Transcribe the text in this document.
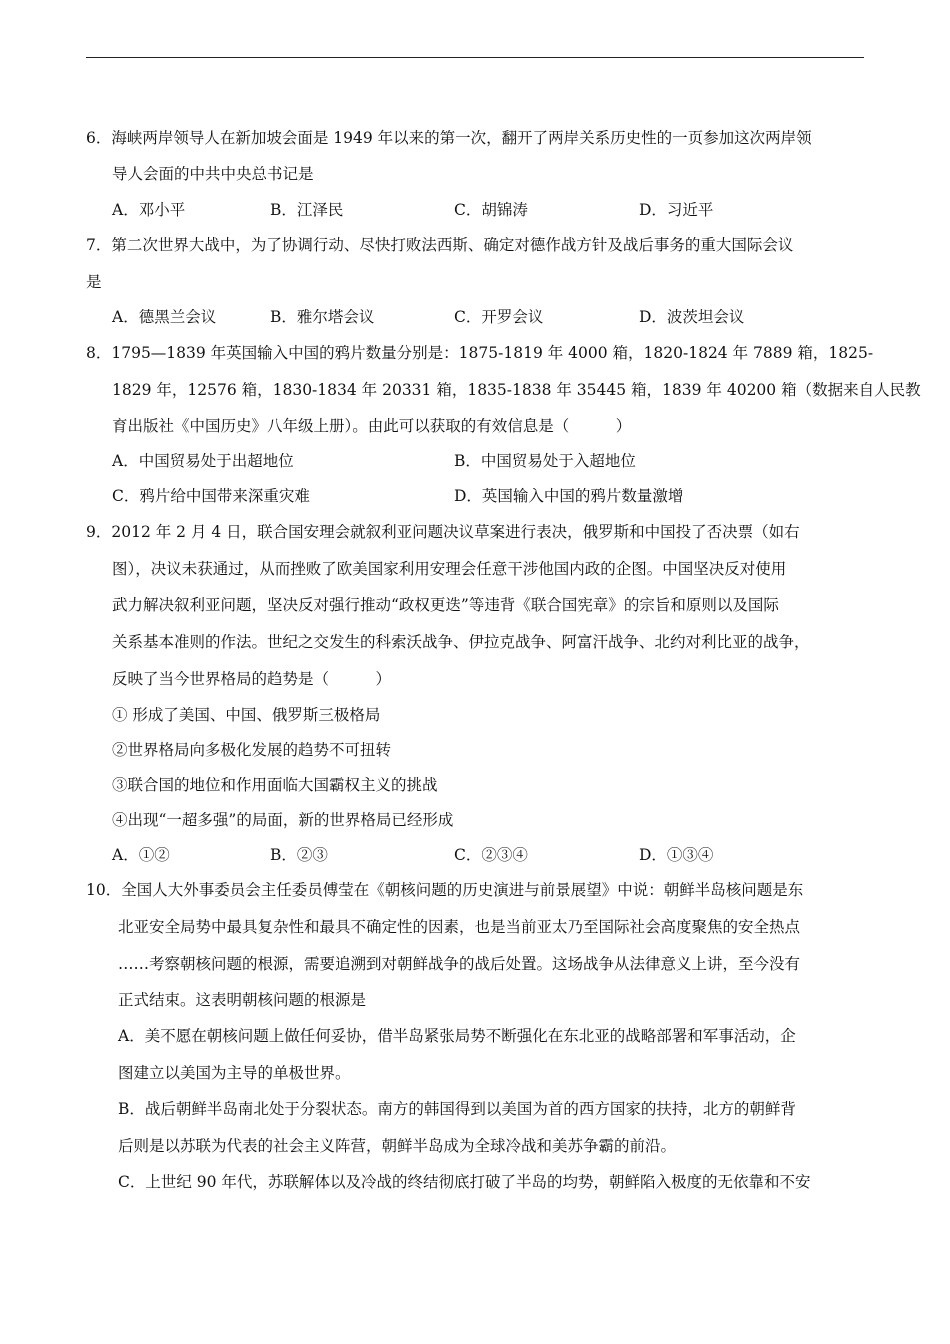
6．海峡两岸领导人在新加坡会面是 1949 年以来的第一次，翻开了两岸关系历史性的一页参加这次两岸领
导人会面的中共中央总书记是
A．邓小平	B．江泽民	C．胡锦涛	D．习近平
7．第二次世界大战中，为了协调行动、尽快打败法西斯、确定对德作战方针及战后事务的重大国际会议
是
A．德黑兰会议	B．雅尔塔会议	C．开罗会议	D．波茨坦会议
8．1795—1839 年英国输入中国的鸦片数量分别是：1875-1819 年 4000 箱，1820-1824 年 7889 箱，1825-
1829 年，12576 箱，1830-1834 年 20331 箱，1835-1838 年 35445 箱，1839 年 40200 箱（数据来自人民教
育出版社《中国历史》八年级上册）。由此可以获取的有效信息是（　　　）
A．中国贸易处于出超地位	B．中国贸易处于入超地位
C．鸦片给中国带来深重灾难	D．英国输入中国的鸦片数量激增
9．2012 年 2 月 4 日，联合国安理会就叙利亚问题决议草案进行表决，俄罗斯和中国投了否决票（如右
图），决议未获通过，从而挫败了欧美国家利用安理会任意干涉他国内政的企图。中国坚决反对使用
武力解决叙利亚问题，坚决反对强行推动“政权更迭”等违背《联合国宪章》的宗旨和原则以及国际
关系基本准则的作法。世纪之交发生的科索沃战争、伊拉克战争、阿富汗战争、北约对利比亚的战争，
反映了当今世界格局的趋势是（　　　）
① 形成了美国、中国、俄罗斯三极格局
②世界格局向多极化发展的趋势不可扭转
③联合国的地位和作用面临大国霸权主义的挑战
④出现“一超多强”的局面，新的世界格局已经形成
A．①②	B．②③	C．②③④	D．①③④
10．全国人大外事委员会主任委员傅莹在《朝核问题的历史演进与前景展望》中说：朝鲜半岛核问题是东
北亚安全局势中最具复杂性和最具不确定性的因素，也是当前亚太乃至国际社会高度聚焦的安全热点
……考察朝核问题的根源，需要追溯到对朝鲜战争的战后处置。这场战争从法律意义上讲，至今没有
正式结束。这表明朝核问题的根源是
A．美不愿在朝核问题上做任何妥协，借半岛紧张局势不断强化在东北亚的战略部署和军事活动，企
图建立以美国为主导的单极世界。
B．战后朝鲜半岛南北处于分裂状态。南方的韩国得到以美国为首的西方国家的扶持，北方的朝鲜背
后则是以苏联为代表的社会主义阵营，朝鲜半岛成为全球冷战和美苏争霸的前沿。
C．上世纪 90 年代，苏联解体以及冷战的终结彻底打破了半岛的均势，朝鲜陷入极度的无依靠和不安
